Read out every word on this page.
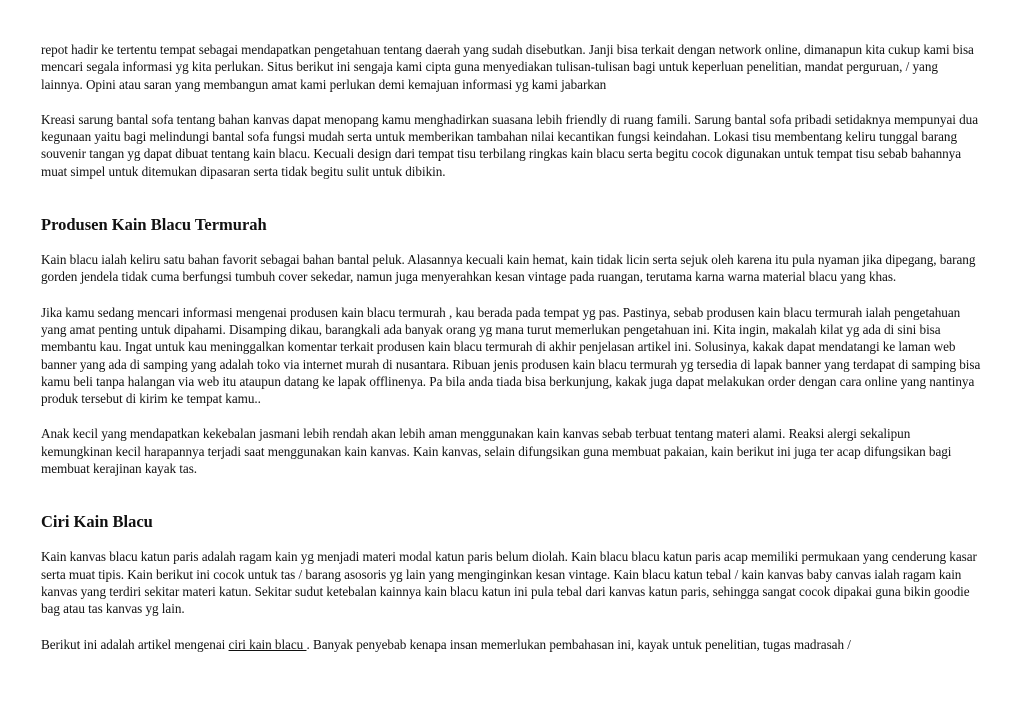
repot hadir ke tertentu tempat sebagai mendapatkan pengetahuan tentang daerah yang sudah disebutkan. Janji bisa terkait dengan network online, dimanapun kita cukup kami bisa mencari segala informasi yg kita perlukan. Situs berikut ini sengaja kami cipta guna menyediakan tulisan-tulisan bagi untuk keperluan penelitian, mandat perguruan, / yang lainnya. Opini atau saran yang membangun amat kami perlukan demi kemajuan informasi yg kami jabarkan

Kreasi sarung bantal sofa tentang bahan kanvas dapat menopang kamu menghadirkan suasana lebih friendly di ruang famili. Sarung bantal sofa pribadi setidaknya mempunyai dua kegunaan yaitu bagi melindungi bantal sofa fungsi mudah serta untuk memberikan tambahan nilai kecantikan fungsi keindahan. Lokasi tisu membentang keliru tunggal barang souvenir tangan yg dapat dibuat tentang kain blacu. Kecuali design dari tempat tisu terbilang ringkas kain blacu serta begitu cocok digunakan untuk tempat tisu sebab bahannya muat simpel untuk ditemukan dipasaran serta tidak begitu sulit untuk dibikin.

Produsen Kain Blacu Termurah

Kain blacu ialah keliru satu bahan favorit sebagai bahan bantal peluk. Alasannya kecuali kain hemat, kain tidak licin serta sejuk oleh karena itu pula nyaman jika dipegang, barang gorden jendela tidak cuma berfungsi tumbuh cover sekedar, namun juga menyerahkan kesan vintage pada ruangan, terutama karna warna material blacu yang khas.

Jika kamu sedang mencari informasi mengenai produsen kain blacu termurah , kau berada pada tempat yg pas. Pastinya, sebab produsen kain blacu termurah ialah pengetahuan yang amat penting untuk dipahami. Disamping dikau, barangkali ada banyak orang yg mana turut memerlukan pengetahuan ini. Kita ingin, makalah kilat yg ada di sini bisa membantu kau. Ingat untuk kau meninggalkan komentar terkait produsen kain blacu termurah di akhir penjelasan artikel ini. Solusinya, kakak dapat mendatangi ke laman web banner yang ada di samping yang adalah toko via internet murah di nusantara. Ribuan jenis produsen kain blacu termurah yg tersedia di lapak banner yang terdapat di samping bisa kamu beli tanpa halangan via web itu ataupun datang ke lapak offlinenya. Pa bila anda tiada bisa berkunjung, kakak juga dapat melakukan order dengan cara online yang nantinya produk tersebut di kirim ke tempat kamu..

Anak kecil yang mendapatkan kekebalan jasmani lebih rendah akan lebih aman menggunakan kain kanvas sebab terbuat tentang materi alami. Reaksi alergi sekalipun kemungkinan kecil harapannya terjadi saat menggunakan kain kanvas. Kain kanvas, selain difungsikan guna membuat pakaian, kain berikut ini juga ter acap difungsikan bagi membuat kerajinan kayak tas.

Ciri Kain Blacu

Kain kanvas blacu katun paris adalah ragam kain yg menjadi materi modal katun paris belum diolah. Kain blacu blacu katun paris acap memiliki permukaan yang cenderung kasar serta muat tipis. Kain berikut ini cocok untuk tas / barang asosoris yg lain yang menginginkan kesan vintage. Kain blacu katun tebal / kain kanvas baby canvas ialah ragam kain kanvas yang terdiri sekitar materi katun. Sekitar sudut ketebalan kainnya kain blacu katun ini pula tebal dari kanvas katun paris, sehingga sangat cocok dipakai guna bikin goodie bag atau tas kanvas yg lain.

Berikut ini adalah artikel mengenai ciri kain blacu . Banyak penyebab kenapa insan memerlukan pembahasan ini, kayak untuk penelitian, tugas madrasah /
